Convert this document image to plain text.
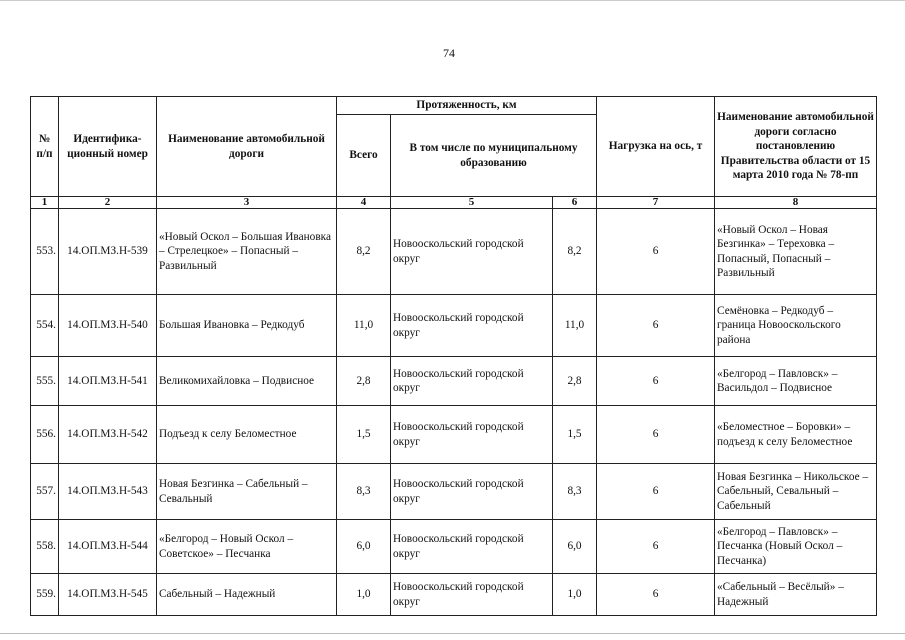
74
№ п/п	Идентифика-ционный номер	Наименование автомобильной дороги	Протяженность, км			Нагрузка на ось, т	Наименование автомобильной дороги согласно постановлению Правительства области от 15 марта 2010 года № 78-пп
			Всего	В том числе по муниципальному образованию			
1	2	3	4	5	6	7	8
553.	14.ОП.МЗ.Н-539	«Новый Оскол – Большая Ивановка – Стрелецкое» – Попасный – Развильный	8,2	Новооскольский городской округ	8,2	6	«Новый Оскол – Новая Безгинка» – Тереховка – Попасный, Попасный – Развильный
554.	14.ОП.МЗ.Н-540	Большая Ивановка – Редкодуб	11,0	Новооскольский городской округ	11,0	6	Семёновка – Редкодуб – граница Новооскольского района
555.	14.ОП.МЗ.Н-541	Великомихайловка – Подвисное	2,8	Новооскольский городской округ	2,8	6	«Белгород – Павловск» – Васильдол – Подвисное
556.	14.ОП.МЗ.Н-542	Подъезд к селу Беломестное	1,5	Новооскольский городской округ	1,5	6	«Беломестное – Боровки» – подъезд к селу Беломестное
557.	14.ОП.МЗ.Н-543	Новая Безгинка – Сабельный – Севальный	8,3	Новооскольский городской округ	8,3	6	Новая Безгинка – Никольское – Сабельный, Севальный – Сабельный
558.	14.ОП.МЗ.Н-544	«Белгород – Новый Оскол – Советское» – Песчанка	6,0	Новооскольский городской округ	6,0	6	«Белгород – Павловск» – Песчанка (Новый Оскол – Песчанка)
559.	14.ОП.МЗ.Н-545	Сабельный – Надежный	1,0	Новооскольский городской округ	1,0	6	«Сабельный – Весёлый» – Надежный
